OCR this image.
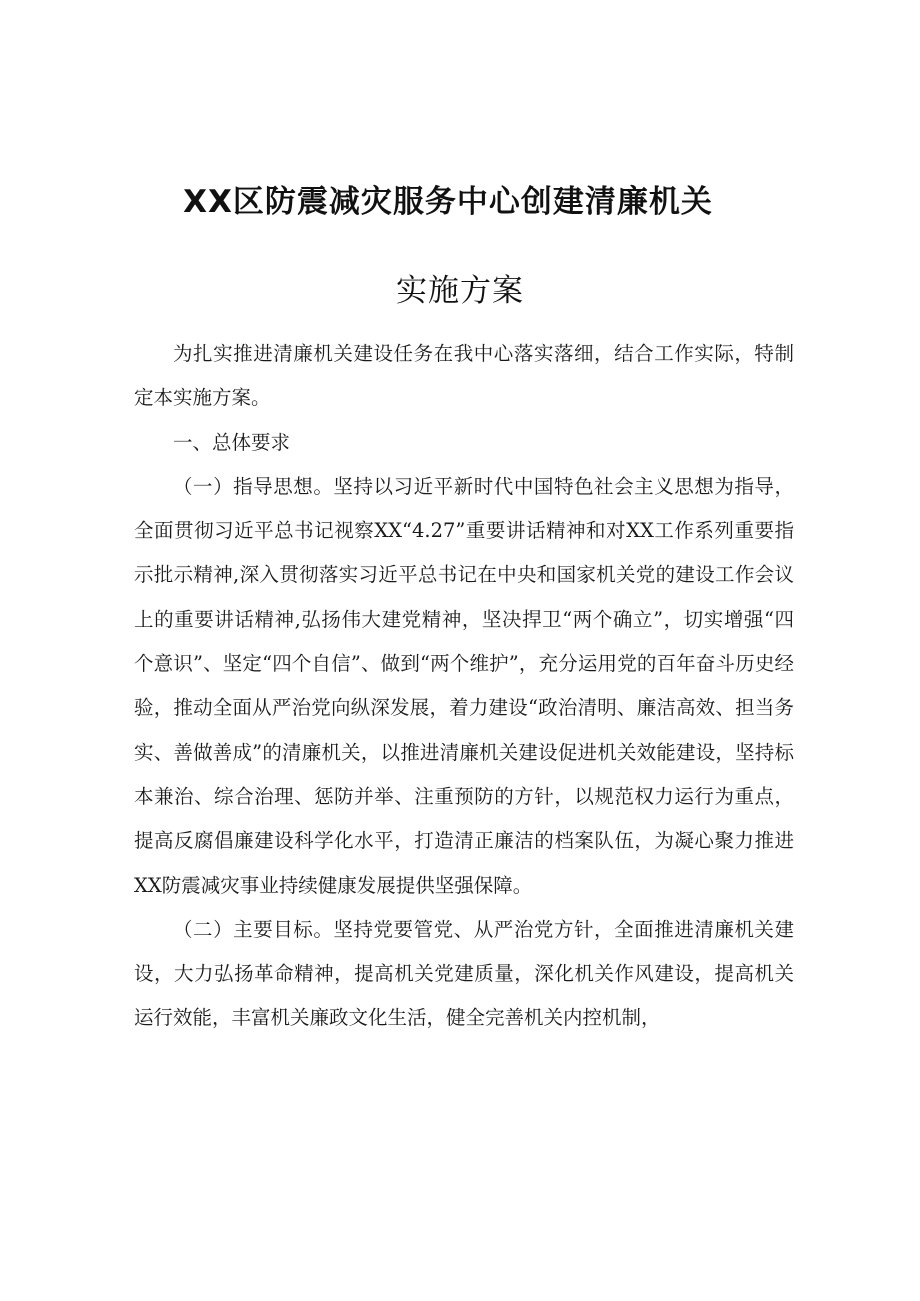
XX区防震减灾服务中心创建清廉机关
实施方案

为扎实推进清廉机关建设任务在我中心落实落细，结合工作实际，特制定本实施方案。

一、总体要求

（一）指导思想。坚持以习近平新时代中国特色社会主义思想为指导，全面贯彻习近平总书记视察XX“4.27”重要讲话精神和对XX工作系列重要指示批示精神,深入贯彻落实习近平总书记在中央和国家机关党的建设工作会议上的重要讲话精神,弘扬伟大建党精神，坚决捍卫“两个确立”，切实增强“四个意识”、坚定“四个自信”、做到“两个维护”，充分运用党的百年奋斗历史经验，推动全面从严治党向纵深发展，着力建设“政治清明、廉洁高效、担当务实、善做善成”的清廉机关，以推进清廉机关建设促进机关效能建设，坚持标本兼治、综合治理、惩防并举、注重预防的方针，以规范权力运行为重点，提高反腐倡廉建设科学化水平，打造清正廉洁的档案队伍，为凝心聚力推进XX防震减灾事业持续健康发展提供坚强保障。

（二）主要目标。坚持党要管党、从严治党方针，全面推进清廉机关建设，大力弘扬革命精神，提高机关党建质量，深化机关作风建设，提高机关运行效能，丰富机关廉政文化生活，健全完善机关内控机制，
